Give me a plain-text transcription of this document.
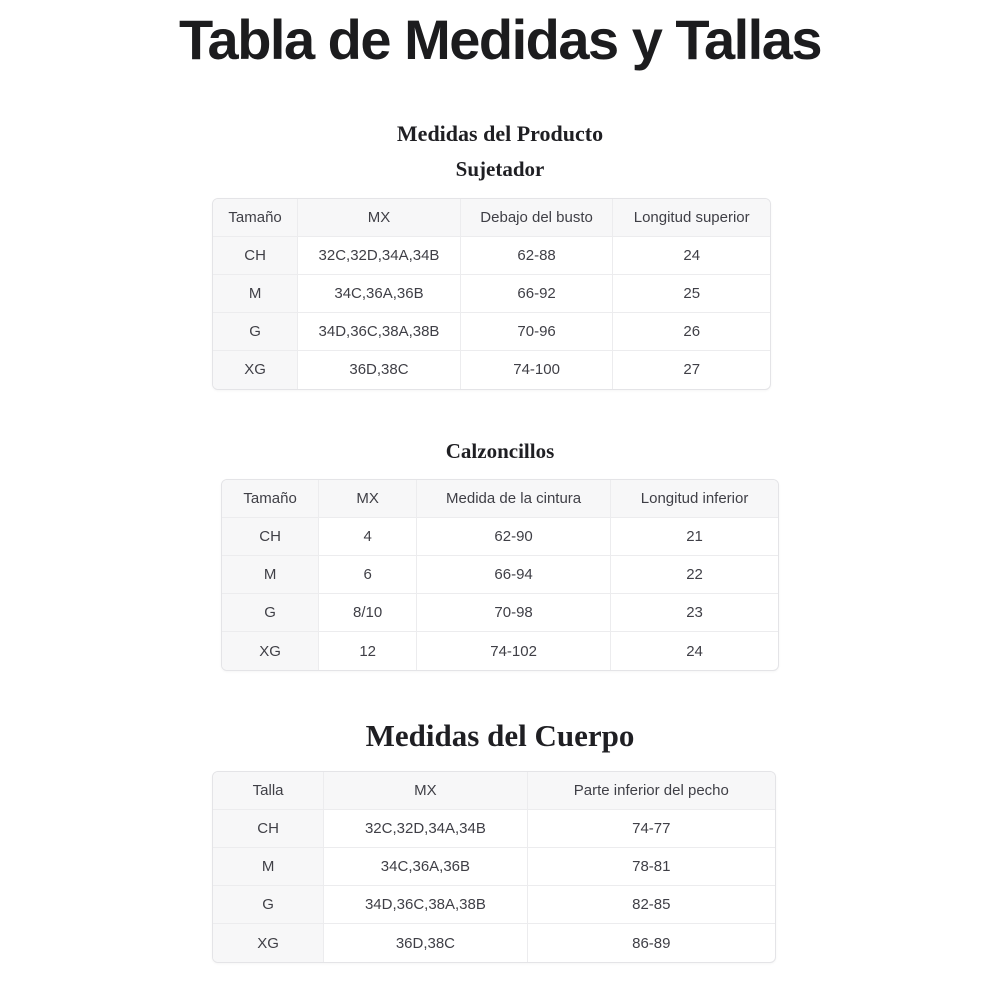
Tabla de Medidas y Tallas
Medidas del Producto
Sujetador
Tamaño	MX	Debajo del busto	Longitud superior
CH	32C,32D,34A,34B	62-88	24
M	34C,36A,36B	66-92	25
G	34D,36C,38A,38B	70-96	26
XG	36D,38C	74-100	27
Calzoncillos
Tamaño	MX	Medida de la cintura	Longitud inferior
CH	4	62-90	21
M	6	66-94	22
G	8/10	70-98	23
XG	12	74-102	24
Medidas del Cuerpo
Talla	MX	Parte inferior del pecho
CH	32C,32D,34A,34B	74-77
M	34C,36A,36B	78-81
G	34D,36C,38A,38B	82-85
XG	36D,38C	86-89
